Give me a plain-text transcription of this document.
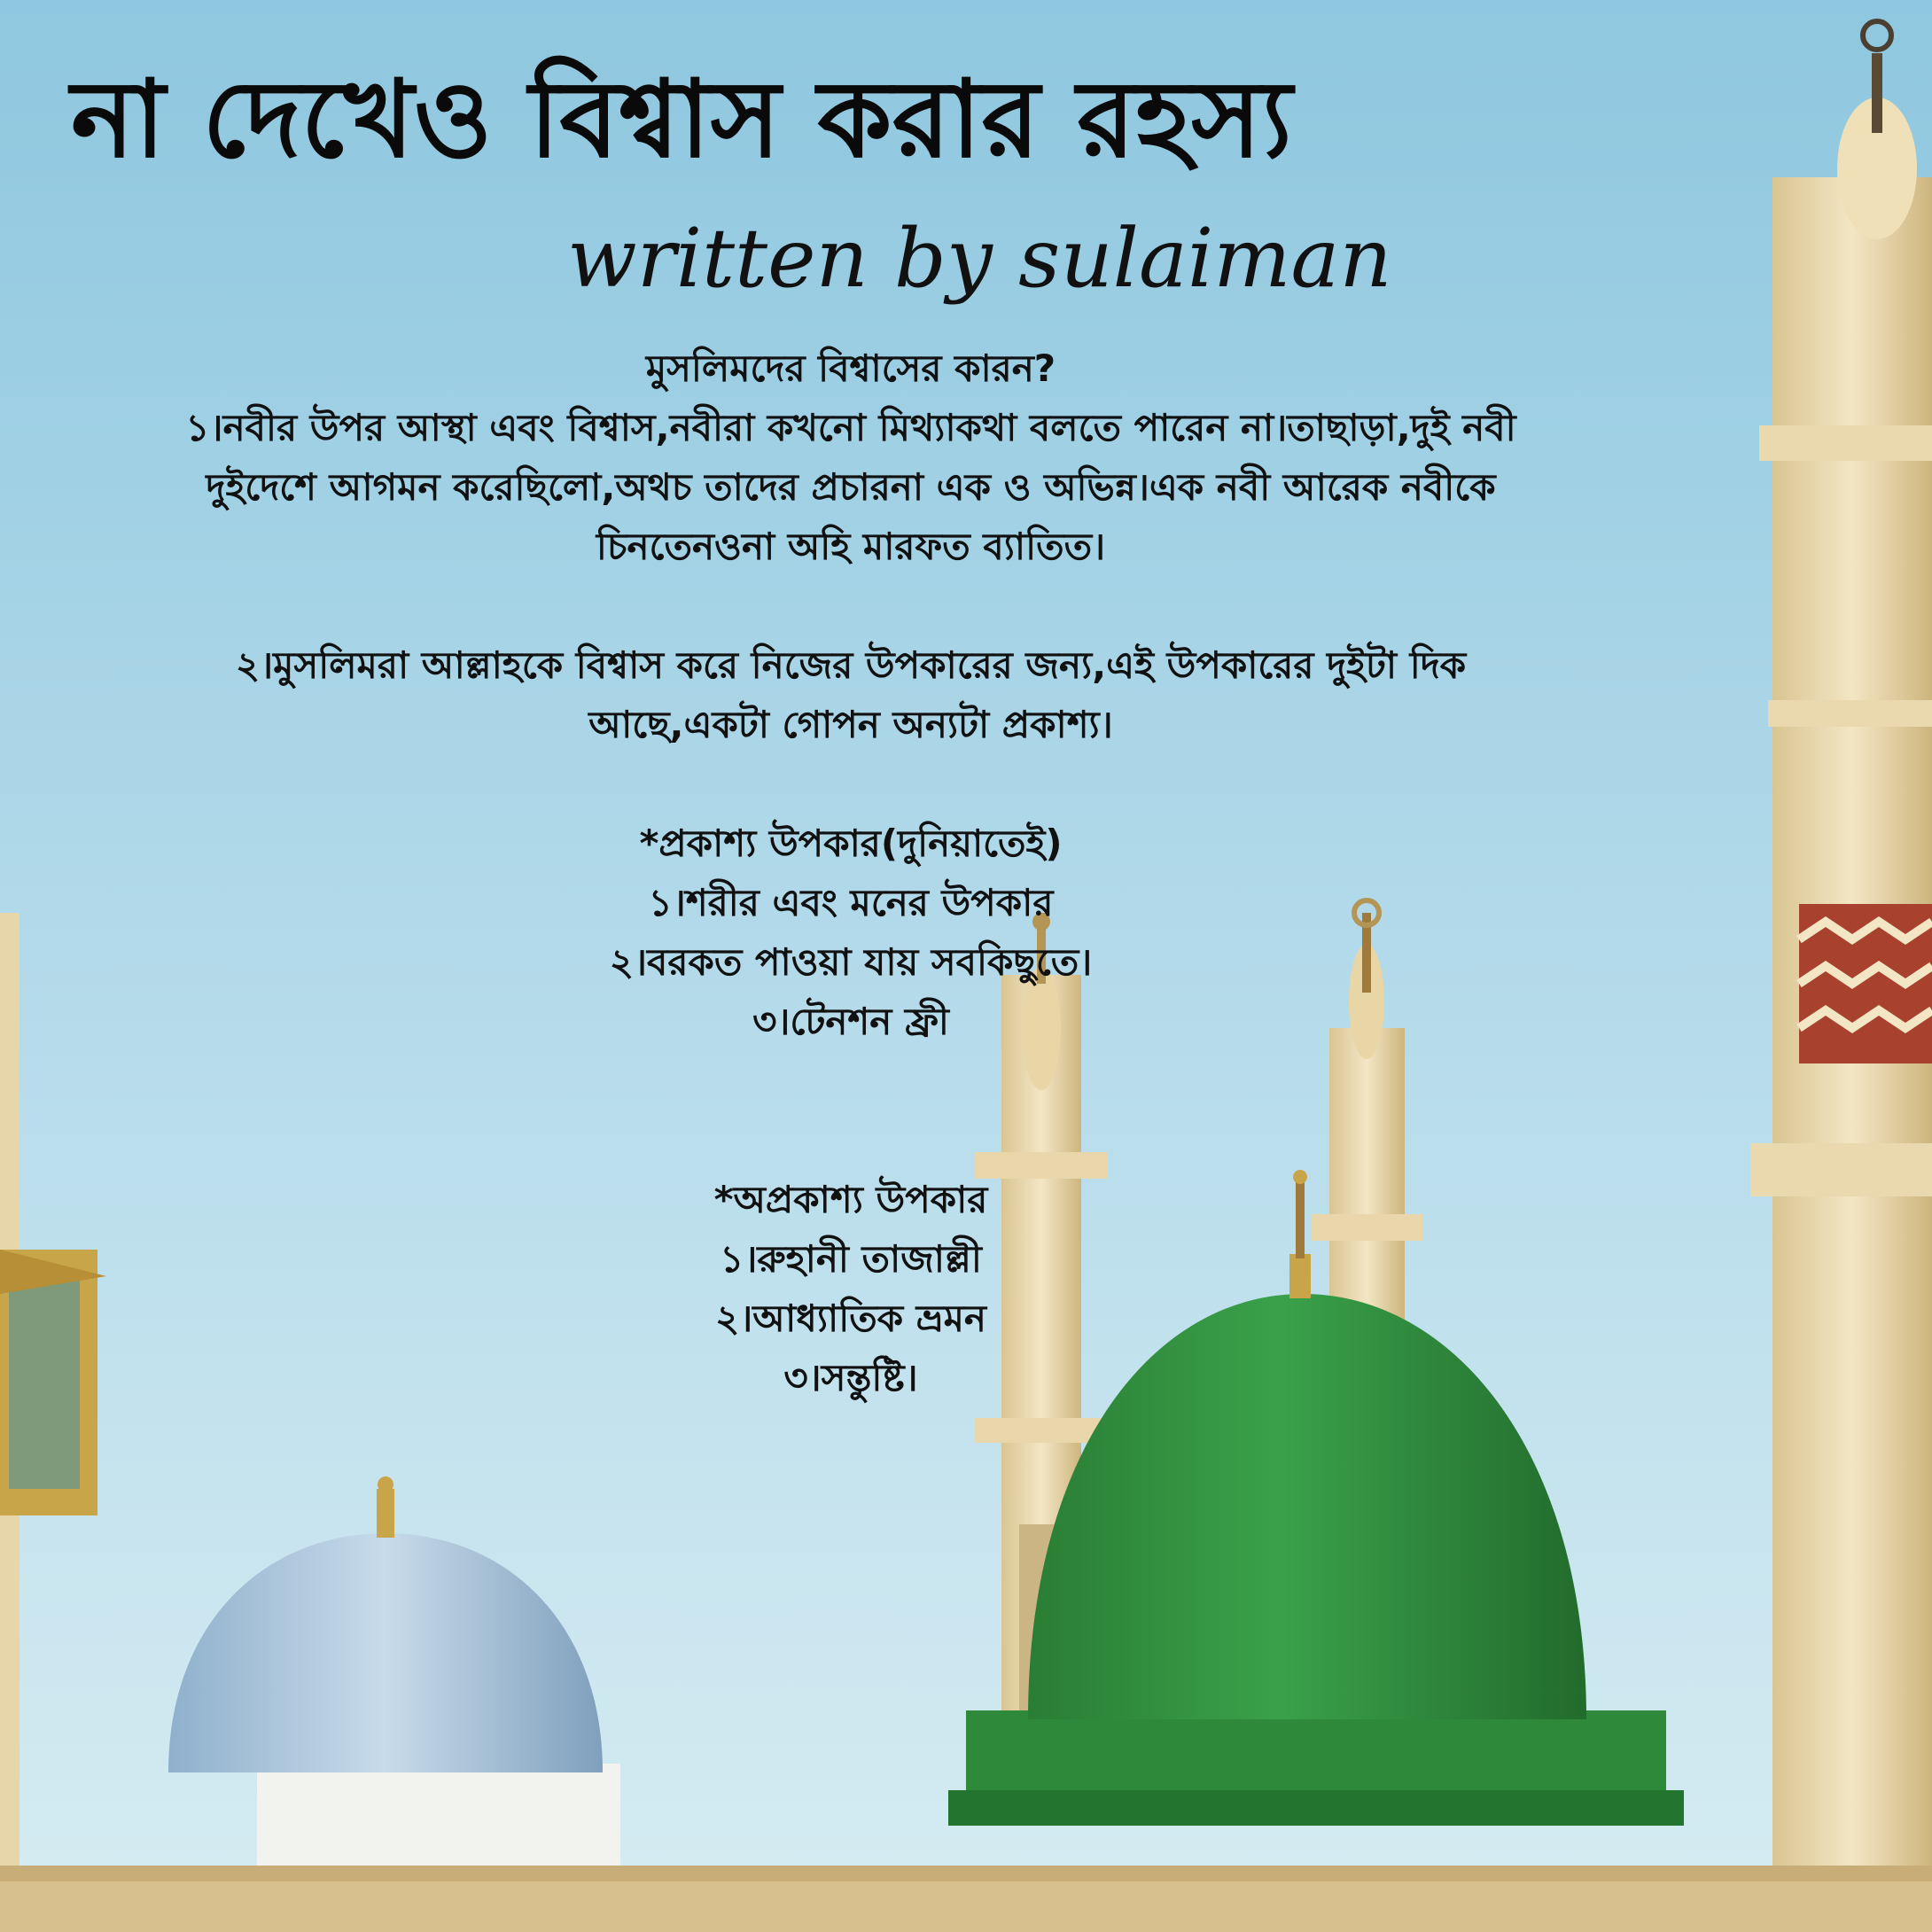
না দেখেও বিশ্বাস করার রহস্য
written by sulaiman
মুসলিমদের বিশ্বাসের কারন?
১।নবীর উপর আস্থা এবং বিশ্বাস,নবীরা কখনো মিথ্যাকথা বলতে পারেন না।তাছাড়া,দুই নবী
দুইদেশে আগমন করেছিলো,অথচ তাদের প্রচারনা এক ও অভিন্ন।এক নবী আরেক নবীকে
চিনতেনওনা অহি মারফত ব্যাতিত।
২।মুসলিমরা আল্লাহকে বিশ্বাস করে নিজের উপকারের জন্য,এই উপকারের দুইটা দিক
আছে,একটা গোপন অন্যটা প্রকাশ্য।
*প্রকাশ্য উপকার(দুনিয়াতেই)
১।শরীর এবং মনের উপকার
২।বরকত পাওয়া যায় সবকিছুতে।
৩।টেনশন ফ্রী
*অপ্রকাশ্য উপকার
১।রুহানী তাজাল্লী
২।আধ্যাতিক ভ্রমন
৩।সন্তুষ্টি।
